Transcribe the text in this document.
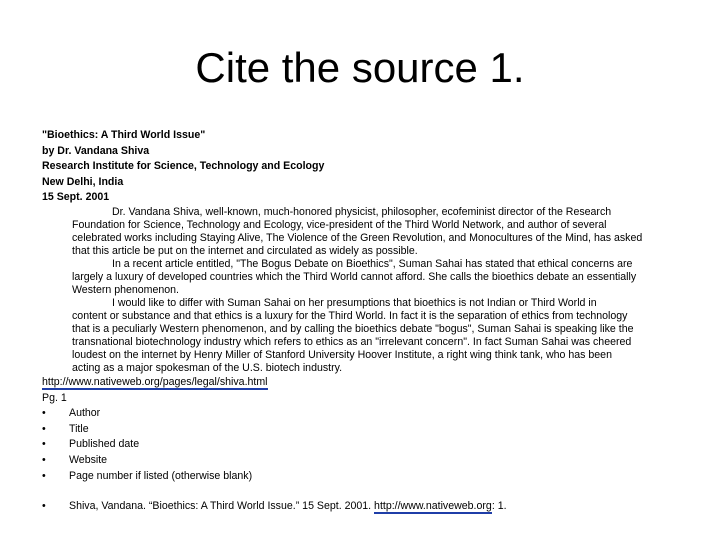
Cite the source 1.
"Bioethics: A Third World Issue"
by Dr. Vandana Shiva
Research Institute for Science, Technology and Ecology
New Delhi, India
15 Sept. 2001
Dr. Vandana Shiva, well-known, much-honored physicist, philosopher, ecofeminist director of the Research
Foundation for Science, Technology and Ecology, vice-president of the Third World Network, and author of several
celebrated works including Staying Alive, The Violence of the Green Revolution, and Monocultures of the Mind, has asked
that this article be put on the internet and circulated as widely as possible.
In a recent article entitled, "The Bogus Debate on Bioethics", Suman Sahai has stated that ethical concerns are
largely a luxury of developed countries which the Third World cannot afford. She calls the bioethics debate an essentially
Western phenomenon.
I would like to differ with Suman Sahai on her presumptions that bioethics is not Indian or Third World in
content or substance and that ethics is a luxury for the Third World. In fact it is the separation of ethics from technology
that is a peculiarly Western phenomenon, and by calling the bioethics debate "bogus", Suman Sahai is speaking like the
transnational biotechnology industry which refers to ethics as an "irrelevant concern". In fact Suman Sahai was cheered
loudest on the internet by Henry Miller of Stanford University Hoover Institute, a right wing think tank, who has been
acting as a major spokesman of the U.S. biotech industry.
http://www.nativeweb.org/pages/legal/shiva.html
Pg. 1
• Author
• Title
• Published date
• Website
• Page number if listed (otherwise blank)
• Shiva, Vandana. “Bioethics: A Third World Issue.” 15 Sept. 2001. http://www.nativeweb.org: 1.
